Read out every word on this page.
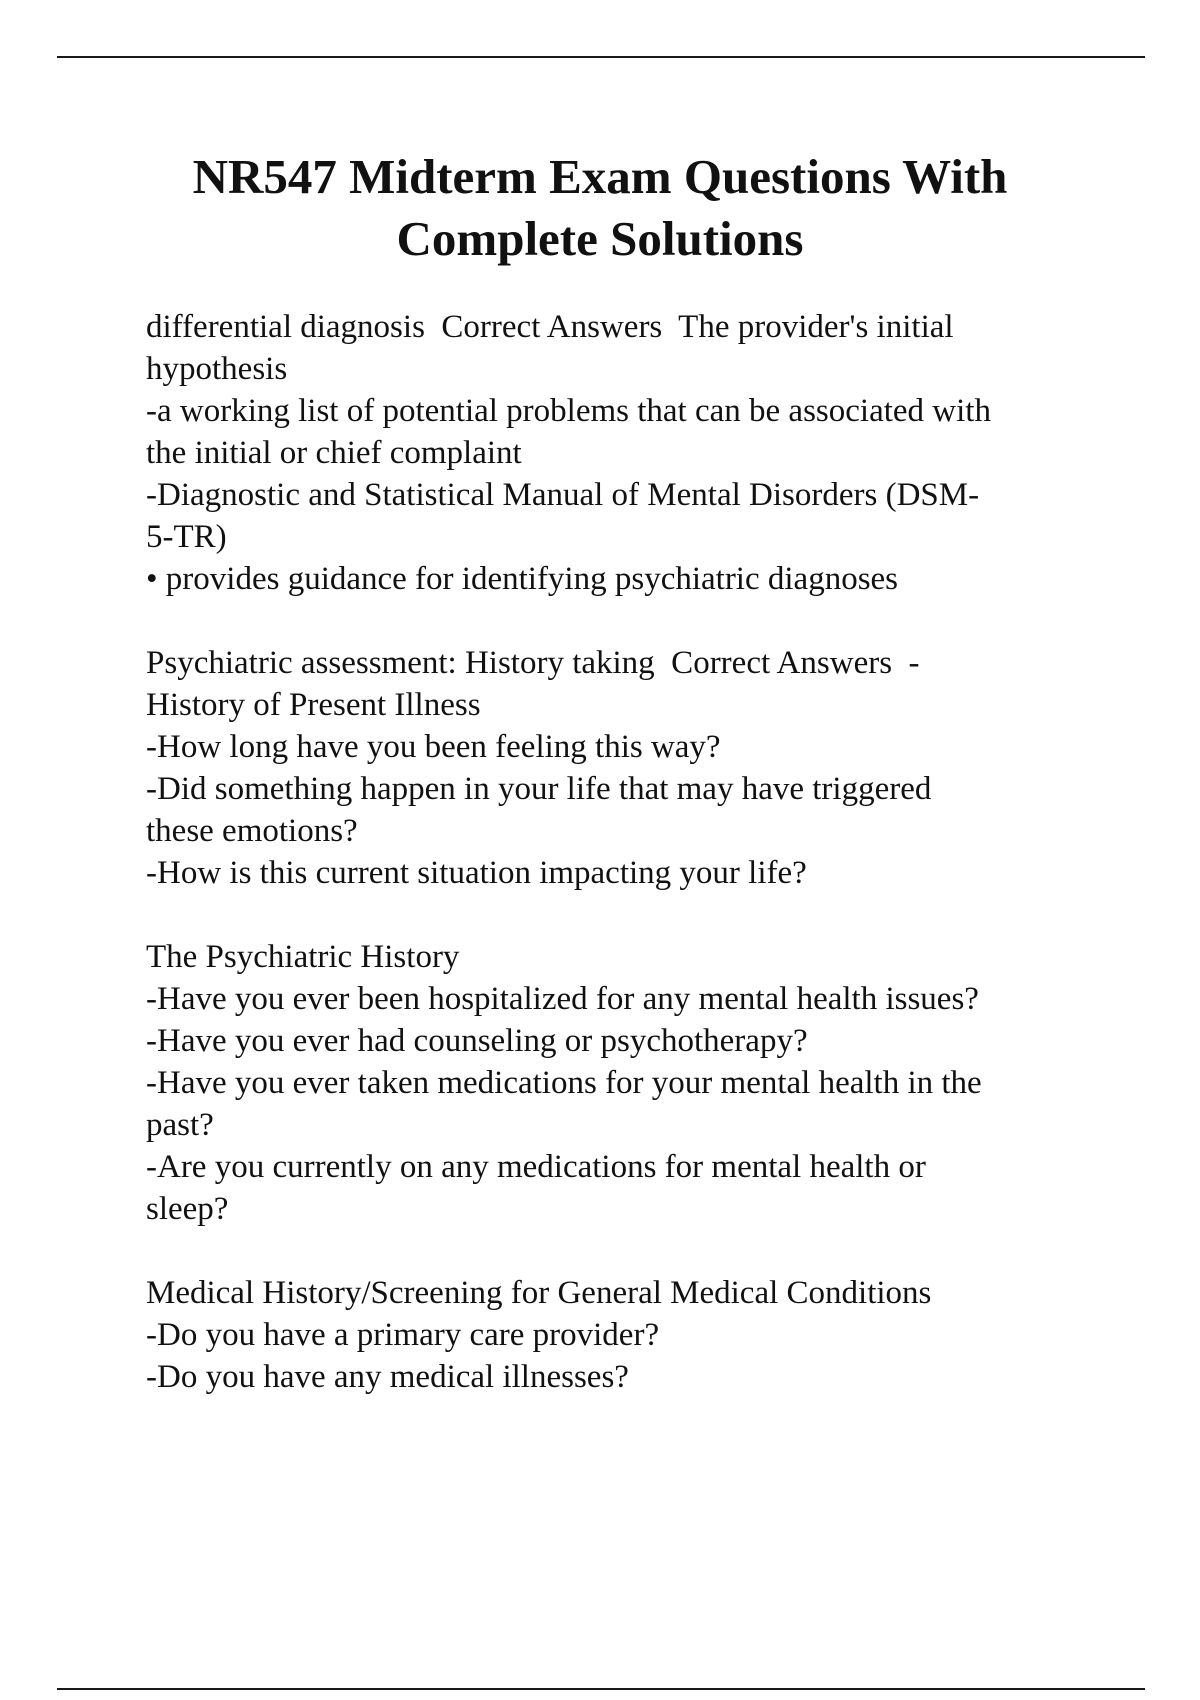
NR547 Midterm Exam Questions With
Complete Solutions
differential diagnosis  Correct Answers  The provider's initial
hypothesis
-a working list of potential problems that can be associated with
the initial or chief complaint
-Diagnostic and Statistical Manual of Mental Disorders (DSM-
5-TR)
• provides guidance for identifying psychiatric diagnoses
Psychiatric assessment: History taking  Correct Answers  -
History of Present Illness
-How long have you been feeling this way?
-Did something happen in your life that may have triggered
these emotions?
-How is this current situation impacting your life?
The Psychiatric History
-Have you ever been hospitalized for any mental health issues?
-Have you ever had counseling or psychotherapy?
-Have you ever taken medications for your mental health in the
past?
-Are you currently on any medications for mental health or
sleep?
Medical History/Screening for General Medical Conditions
-Do you have a primary care provider?
-Do you have any medical illnesses?
